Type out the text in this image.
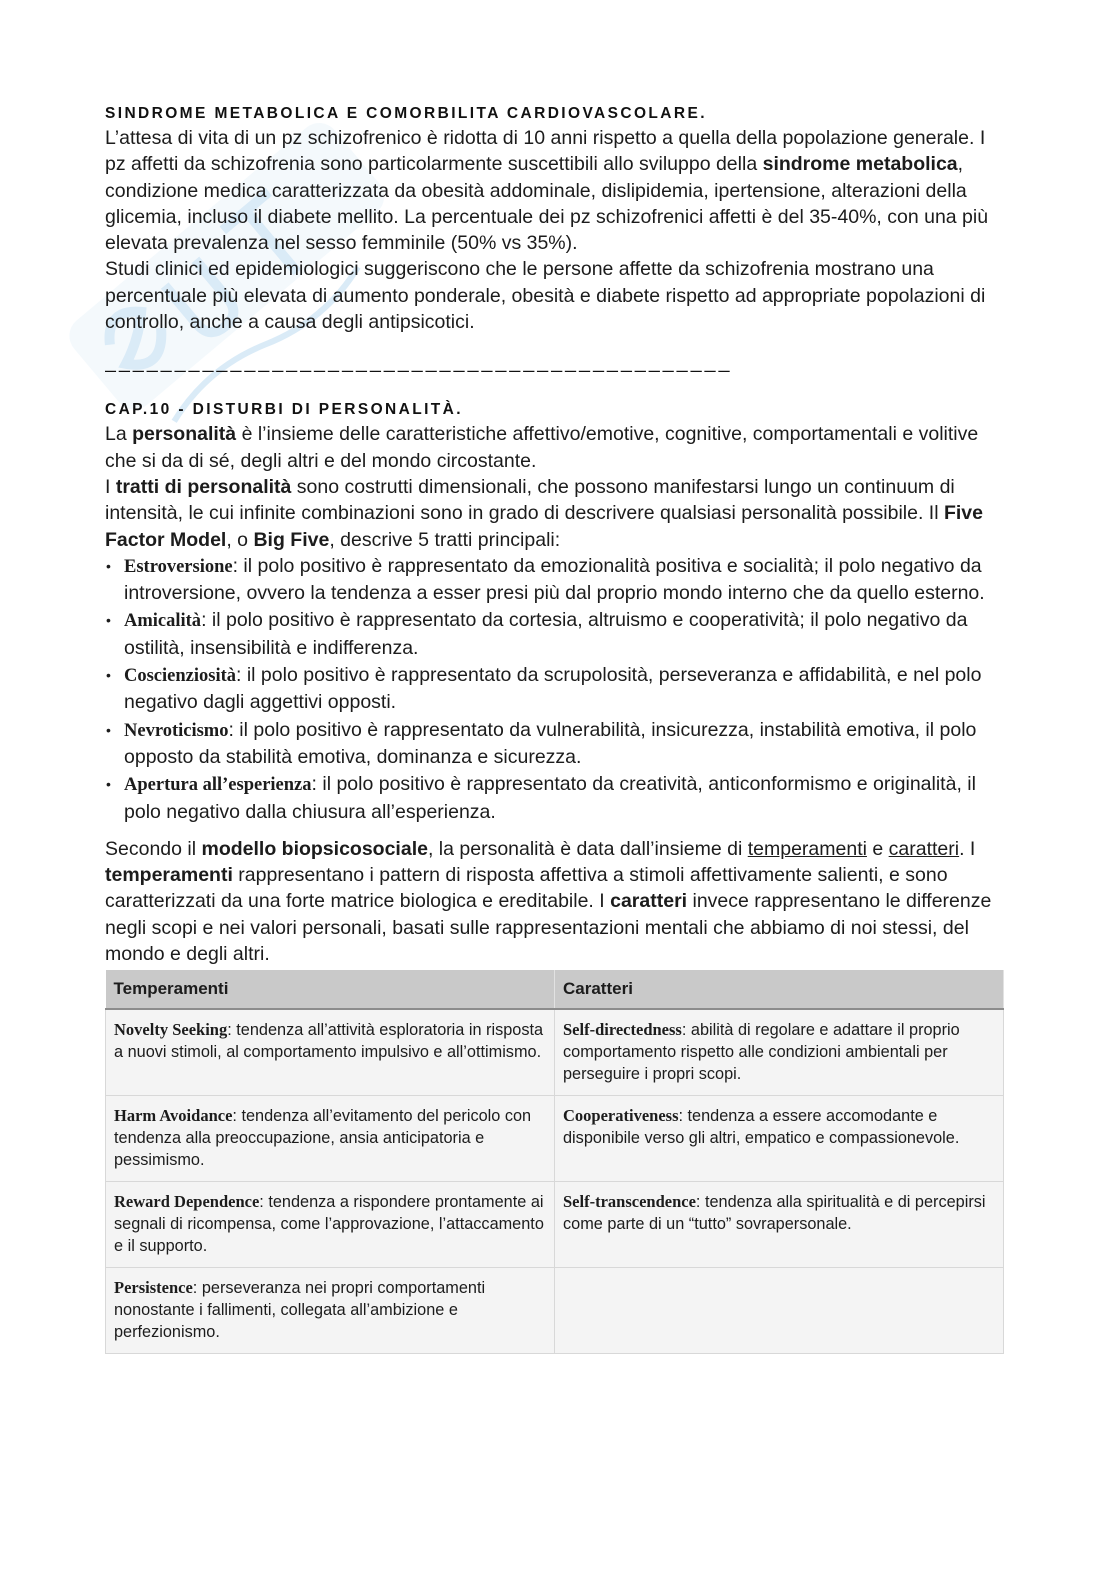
SINDROME METABOLICA E COMORBILITA CARDIOVASCOLARE.

L’attesa di vita di un pz schizofrenico è ridotta di 10 anni rispetto a quella della popolazione generale. I pz affetti da schizofrenia sono particolarmente suscettibili allo sviluppo della sindrome metabolica, condizione medica caratterizzata da obesità addominale, dislipidemia, ipertensione, alterazioni della glicemia, incluso il diabete mellito. La percentuale dei pz schizofrenici affetti è del 35-40%, con una più elevata prevalenza nel sesso femminile (50% vs 35%).

Studi clinici ed epidemiologici suggeriscono che le persone affette da schizofrenia mostrano una percentuale più elevata di aumento ponderale, obesità e diabete rispetto ad appropriate popolazioni di controllo, anche a causa degli antipsicotici.

_____________________________________________
CAP.10 - DISTURBI DI PERSONALITÀ.

La personalità è l’insieme delle caratteristiche affettivo/emotive, cognitive, comportamentali e volitive che si da di sé, degli altri e del mondo circostante.

I tratti di personalità sono costrutti dimensionali, che possono manifestarsi lungo un continuum di intensità, le cui infinite combinazioni sono in grado di descrivere qualsiasi personalità possibile. Il Five Factor Model, o Big Five, descrive 5 tratti principali:

• Estroversione: il polo positivo è rappresentato da emozionalità positiva e socialità; il polo negativo da introversione, ovvero la tendenza a esser presi più dal proprio mondo interno che da quello esterno.
• Amicalità: il polo positivo è rappresentato da cortesia, altruismo e cooperatività; il polo negativo da ostilità, insensibilità e indifferenza.
• Coscienziosità: il polo positivo è rappresentato da scrupolosità, perseveranza e affidabilità, e nel polo negativo dagli aggettivi opposti.
• Nevroticismo: il polo positivo è rappresentato da vulnerabilità, insicurezza, instabilità emotiva, il polo opposto da stabilità emotiva, dominanza e sicurezza.
• Apertura all’esperienza: il polo positivo è rappresentato da creatività, anticonformismo e originalità, il polo negativo dalla chiusura all’esperienza.

Secondo il modello biopsicosociale, la personalità è data dall’insieme di temperamenti e caratteri. I temperamenti rappresentano i pattern di risposta affettiva a stimoli affettivamente salienti, e sono caratterizzati da una forte matrice biologica e ereditabile. I caratteri invece rappresentano le differenze negli scopi e nei valori personali, basati sulle rappresentazioni mentali che abbiamo di noi stessi, del mondo e degli altri.

Temperamenti	Caratteri
Novelty Seeking: tendenza all’attività esploratoria in risposta a nuovi stimoli, al comportamento impulsivo e all’ottimismo.	Self-directedness: abilità di regolare e adattare il proprio comportamento rispetto alle condizioni ambientali per perseguire i propri scopi.
Harm Avoidance: tendenza all’evitamento del pericolo con tendenza alla preoccupazione, ansia anticipatoria e pessimismo.	Cooperativeness: tendenza a essere accomodante e disponibile verso gli altri, empatico e compassionevole.
Reward Dependence: tendenza a rispondere prontamente ai segnali di ricompensa, come l’approvazione, l’attaccamento e il supporto.	Self-transcendence: tendenza alla spiritualità e di percepirsi come parte di un “tutto” sovrapersonale.
Persistence: perseveranza nei propri comportamenti nonostante i fallimenti, collegata all’ambizione e perfezionismo.	
